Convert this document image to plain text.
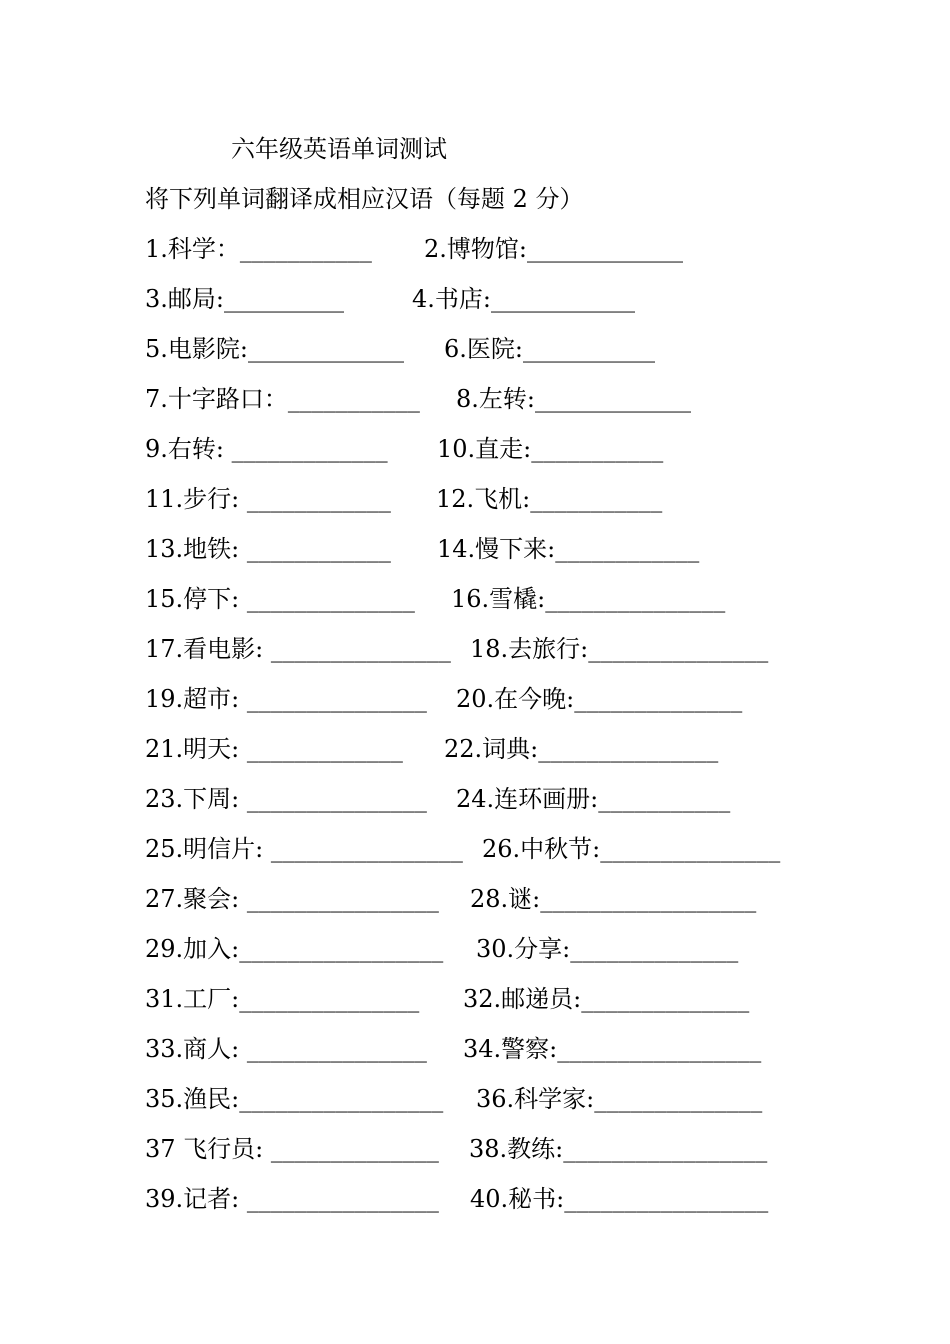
六年级英语单词测试
将下列单词翻译成相应汉语（每题 2 分）
1.科学：___________ 2.博物馆:_____________
3.邮局:__________	4.书店:____________
5.电影院:_____________ 6.医院:___________
7.十字路口：___________ 8.左转:_____________
9.右转: _____________ 10.直走:___________
11.步行: ____________ 12.飞机:___________
13.地铁: ____________ 14.慢下来:____________
15.停下: ______________ 16.雪橇:_______________
17.看电影: _______________ 18.去旅行:_______________
19.超市: _______________ 20.在今晚:______________
21.明天: _____________ 22.词典:_______________
23.下周: _______________ 24.连环画册:___________
25.明信片: ________________ 26.中秋节:_______________
27.聚会: ________________ 28.谜:__________________
29.加入:_________________ 30.分享:______________
31.工厂:_______________ 32.邮递员:______________
33.商人: _______________ 34.警察:_________________
35.渔民:_________________ 36.科学家:______________
37 飞行员: ______________ 38.教练:_________________
39.记者: ________________ 40.秘书:_________________
